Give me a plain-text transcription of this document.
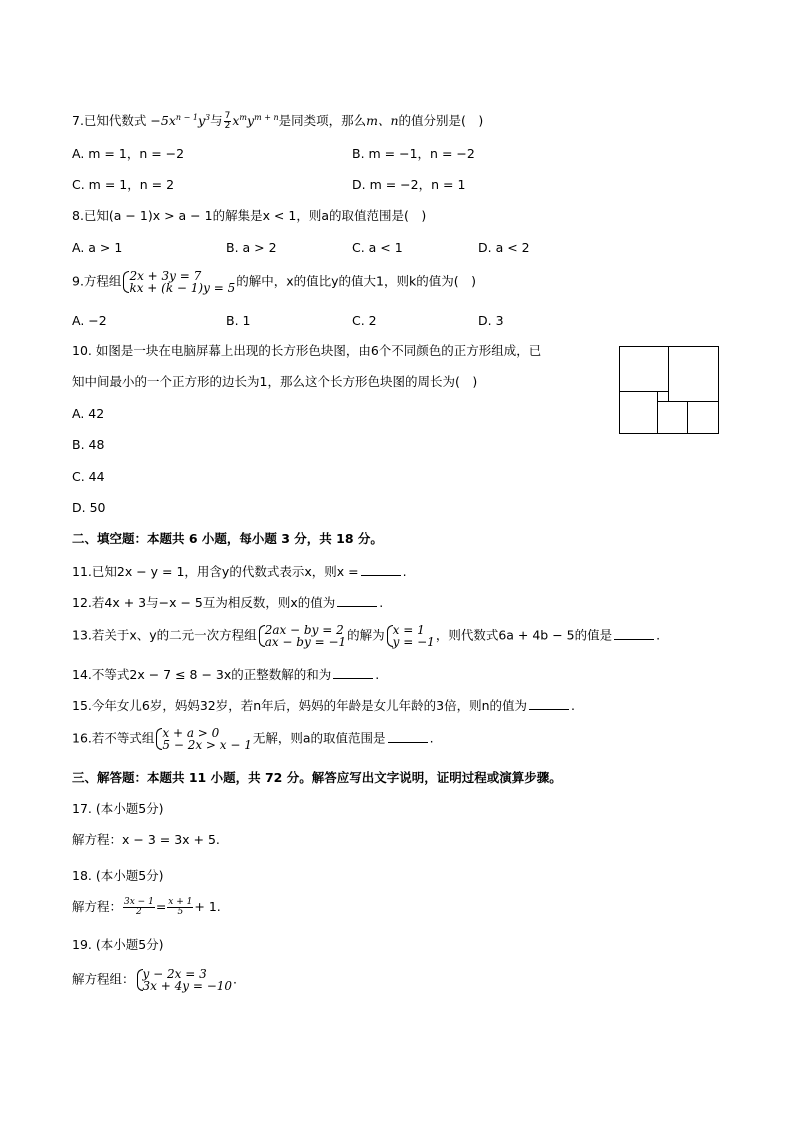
7.已知代数式 $-5x^{n - 1}y^3$与 $\frac{7}{2} x^my^{m + n}$是同类项，那么m、n的值分别是(　)
A. m = 1，n = −2	B. m = −1，n = −2
C. m = 1，n = 2	D. m = −2，n = 1
8.已知(a − 1)x > a − 1的解集是x < 1，则a的取值范围是(　)
A. a > 1	B. a > 2	C. a < 1	D. a < 2
9.方程组 2x + 3y = 7
kx + (k − 1)y = 5 的解中，x的值比y的值大1，则k的值为(　)
A. −2	B. 1	C. 2	D. 3
10. 如图是一块在电脑屏幕上出现的长方形色块图，由6个不同颜色的正方形组成，已
知中间最小的一个正方形的边长为1，那么这个长方形色块图的周长为(　)
A. 42
B. 48
C. 44
D. 50
二、填空题：本题共 6 小题，每小题 3 分，共 18 分。
11.已知2x − y = 1，用含y的代数式表示x，则x =	.
12.若4x + 3与−x − 5互为相反数，则x的值为	.
13.若关于x、y的二元一次方程组 2ax − by = 2
ax − by = −1 的解为 x = 1
y = −1 ，则代数式6a + 4b − 5的值是	.
14.不等式2x − 7 ≤ 8 − 3x的正整数解的和为	.
15.今年女儿6岁，妈妈32岁，若n年后，妈妈的年龄是女儿年龄的3倍，则n的值为	.
16.若不等式组 x + a > 0
5 − 2x > x − 1 无解，则a的取值范围是	.
三、解答题：本题共 11 小题，共 72 分。解答应写出文字说明，证明过程或演算步骤。
17. (本小题5分)
解方程：x − 3 = 3x + 5.
18. (本小题5分)
解方程： $\frac{3x - 1}{2} = \frac{x + 1}{5} + 1$.
19. (本小题5分)
解方程组： y − 2x = 3
3x + 4y = −10 .
